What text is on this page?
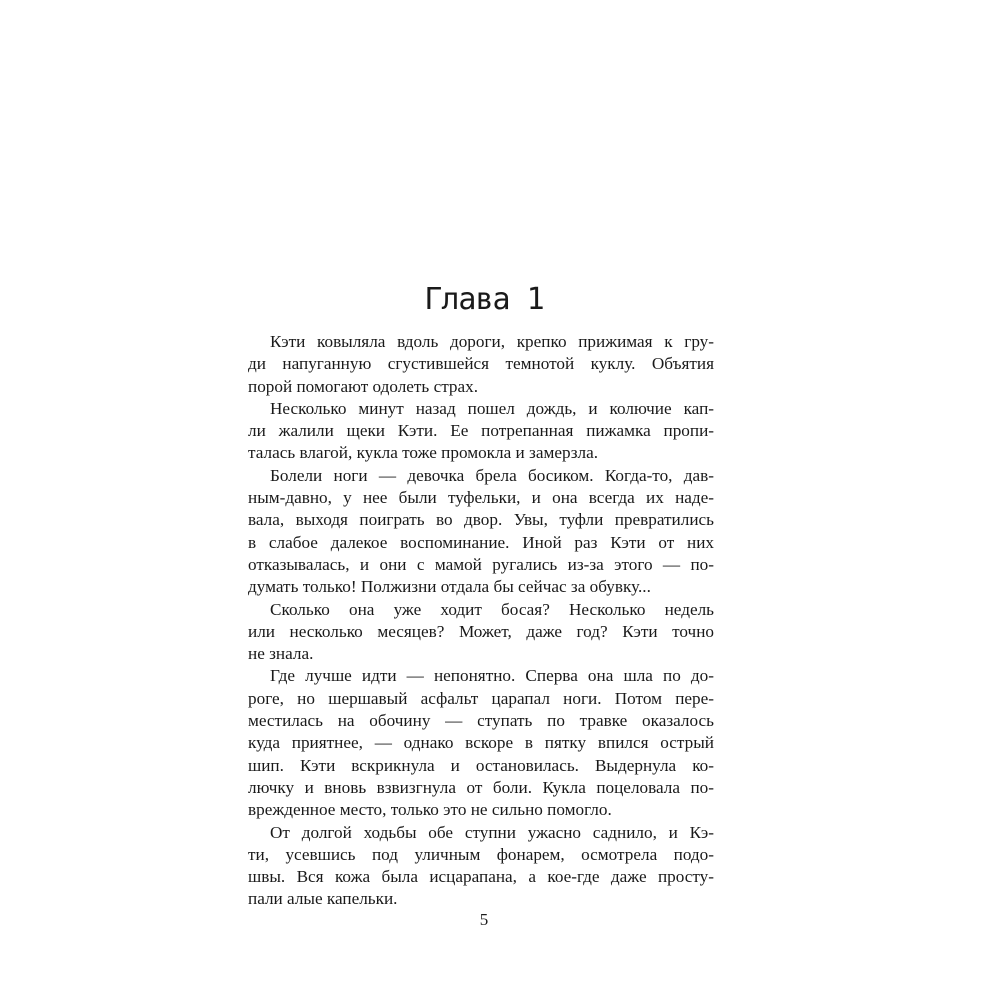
Глава 1
Кэти ковыляла вдоль дороги, крепко прижимая к гру-
ди напуганную сгустившейся темнотой куклу. Объятия
порой помогают одолеть страх.
Несколько минут назад пошел дождь, и колючие кап-
ли жалили щеки Кэти. Ее потрепанная пижамка пропи-
талась влагой, кукла тоже промокла и замерзла.
Болели ноги — девочка брела босиком. Когда-то, дав-
ным-давно, у нее были туфельки, и она всегда их наде-
вала, выходя поиграть во двор. Увы, туфли превратились
в слабое далекое воспоминание. Иной раз Кэти от них
отказывалась, и они с мамой ругались из-за этого — по-
думать только! Полжизни отдала бы сейчас за обувку...
Сколько она уже ходит босая? Несколько недель
или несколько месяцев? Может, даже год? Кэти точно
не знала.
Где лучше идти — непонятно. Сперва она шла по до-
роге, но шершавый асфальт царапал ноги. Потом пере-
местилась на обочину — ступать по травке оказалось
куда приятнее, — однако вскоре в пятку впился острый
шип. Кэти вскрикнула и остановилась. Выдернула ко-
лючку и вновь взвизгнула от боли. Кукла поцеловала по-
врежденное место, только это не сильно помогло.
От долгой ходьбы обе ступни ужасно саднило, и Кэ-
ти, усевшись под уличным фонарем, осмотрела подо-
швы. Вся кожа была исцарапана, а кое-где даже просту-
пали алые капельки.
5
